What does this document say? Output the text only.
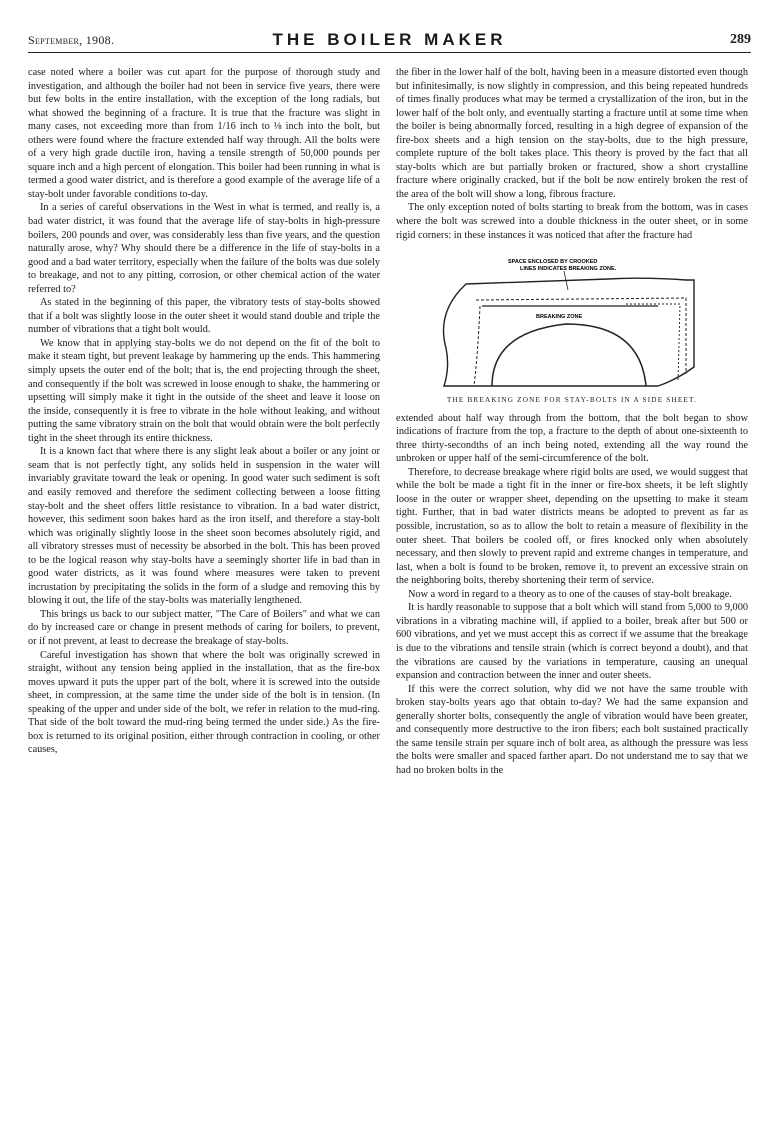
September, 1908.	THE BOILER MAKER	289

case noted where a boiler was cut apart for the purpose of thorough study and investigation, and although the boiler had not been in service five years, there were but few bolts in the entire installation, with the exception of the long radials, but what showed the beginning of a fracture. It is true that the fracture was slight in many cases, not exceeding more than from 1/16 inch to ⅛ inch into the bolt, but others were found where the fracture extended half way through. All the bolts were of a very high grade ductile iron, having a tensile strength of 50,000 pounds per square inch and a high percent of elongation. This boiler had been running in what is termed a good water district, and is therefore a good example of the average life of a stay-bolt under favorable conditions to-day.

In a series of careful observations in the West in what is termed, and really is, a bad water district, it was found that the average life of stay-bolts in high-pressure boilers, 200 pounds and over, was considerably less than five years, and the question naturally arose, why? Why should there be a difference in the life of stay-bolts in a good and a bad water territory, especially when the failure of the bolts was due solely to breakage, and not to any pitting, corrosion, or other chemical action of the water referred to?

As stated in the beginning of this paper, the vibratory tests of stay-bolts showed that if a bolt was slightly loose in the outer sheet it would stand double and triple the number of vibrations that a tight bolt would.

We know that in applying stay-bolts we do not depend on the fit of the bolt to make it steam tight, but prevent leakage by hammering up the ends. This hammering simply upsets the outer end of the bolt; that is, the end projecting through the sheet, and consequently if the bolt was screwed in loose enough to shake, the hammering or upsetting will simply make it tight in the outside of the sheet and leave it loose on the inside, consequently it is free to vibrate in the hole without leaking, and without putting the same vibratory strain on the bolt that would obtain were the bolt perfectly tight in the sheet through its entire thickness.

It is a known fact that where there is any slight leak about a boiler or any joint or seam that is not perfectly tight, any solids held in suspension in the water will invariably gravitate toward the leak or opening. In good water such sediment is soft and easily removed and therefore the sediment collecting between a loose fitting stay-bolt and the sheet offers little resistance to vibration. In a bad water district, however, this sediment soon bakes hard as the iron itself, and therefore a stay-bolt which was originally slightly loose in the sheet soon becomes absolutely rigid, and all vibratory stresses must of necessity be absorbed in the bolt. This has been proved to be the logical reason why stay-bolts have a seemingly shorter life in bad than in good water districts, as it was found where measures were taken to prevent incrustation by precipitating the solids in the form of a sludge and removing this by blowing it out, the life of the stay-bolts was materially lengthened.

This brings us back to our subject matter, "The Care of Boilers" and what we can do by increased care or change in present methods of caring for boilers, to prevent, or if not prevent, at least to decrease the breakage of stay-bolts.

Careful investigation has shown that where the bolt was originally screwed in straight, without any tension being applied in the installation, that as the fire-box moves upward it puts the upper part of the bolt, where it is screwed into the outside sheet, in compression, at the same time the under side of the bolt is in tension. (In speaking of the upper and under side of the bolt, we refer in relation to the mud-ring. That side of the bolt toward the mud-ring being termed the under side.) As the fire-box is returned to its original position, either through contraction in cooling, or other causes,

the fiber in the lower half of the bolt, having been in a measure distorted even though but infinitesimally, is now slightly in compression, and this being repeated hundreds of times finally produces what may be termed a crystallization of the iron, but in the lower half of the bolt only, and eventually starting a fracture until at some time when the boiler is being abnormally forced, resulting in a high degree of expansion of the fire-box sheets and a high tension on the stay-bolts, due to the high pressure, complete rupture of the bolt takes place. This theory is proved by the fact that all stay-bolts which are but partially broken or fractured, show a short crystalline fracture where originally cracked, but if the bolt be now entirely broken the rest of the area of the bolt will show a long, fibrous fracture.

The only exception noted of bolts starting to break from the bottom, was in cases where the bolt was screwed into a double thickness in the outer sheet, or in some rigid corners: in these instances it was noticed that after the fracture had

SPACE ENCLOSED BY CROOKED
LINES INDICATES BREAKING ZONE.
BREAKING ZONE
THE BREAKING ZONE FOR STAY-BOLTS IN A SIDE SHEET.

extended about half way through from the bottom, that the bolt began to show indications of fracture from the top, a fracture to the depth of about one-sixteenth to three thirty-secondths of an inch being noted, extending all the way round the unbroken or upper half of the semi-circumference of the bolt.

Therefore, to decrease breakage where rigid bolts are used, we would suggest that while the bolt be made a tight fit in the inner or fire-box sheets, it be left slightly loose in the outer or wrapper sheet, depending on the upsetting to make it steam tight. Further, that in bad water districts means be adopted to prevent as far as possible, incrustation, so as to allow the bolt to retain a measure of flexibility in the outer sheet. That boilers be cooled off, or fires knocked only when absolutely necessary, and then slowly to prevent rapid and extreme changes in temperature, and last, when a bolt is found to be broken, remove it, to prevent an excessive strain on the neighboring bolts, thereby shortening their term of service.

Now a word in regard to a theory as to one of the causes of stay-bolt breakage.

It is hardly reasonable to suppose that a bolt which will stand from 5,000 to 9,000 vibrations in a vibrating machine will, if applied to a boiler, break after but 500 or 600 vibrations, and yet we must accept this as correct if we assume that the breakage is due to the vibrations and tensile strain (which is correct beyond a doubt), and that the vibrations are caused by the variations in temperature, causing an unequal expansion and contraction between the inner and outer sheets.

If this were the correct solution, why did we not have the same trouble with broken stay-bolts years ago that obtain to-day? We had the same expansion and generally shorter bolts, consequently the angle of vibration would have been greater, and consequently more destructive to the iron fibers; each bolt sustained practically the same tensile strain per square inch of bolt area, as although the pressure was less the bolts were smaller and spaced farther apart. Do not understand me to say that we had no broken bolts in the
